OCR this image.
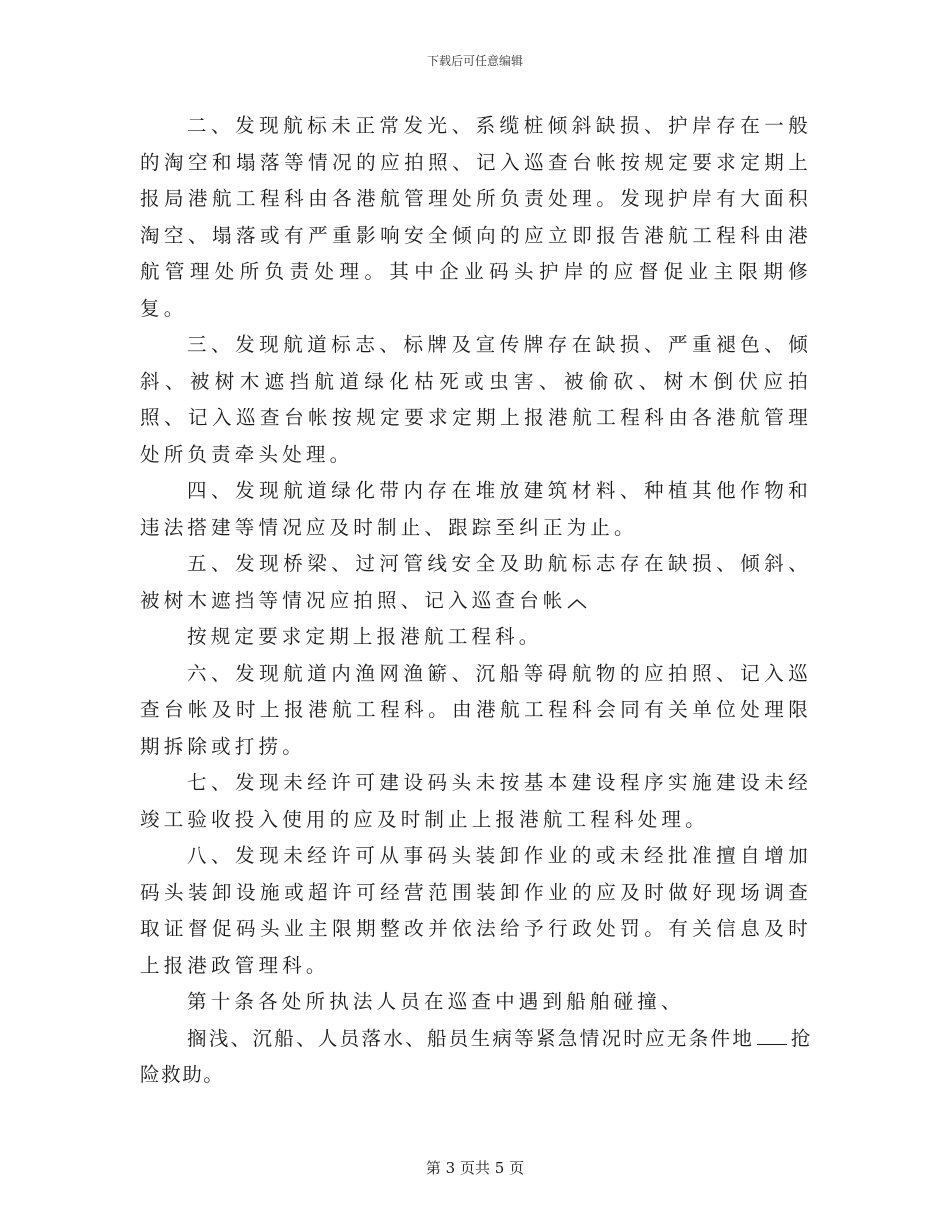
下载后可任意编辑

二、发现航标未正常发光、系缆桩倾斜缺损、护岸存在一般的淘空和塌落等情况的应拍照、记入巡查台帐按规定要求定期上报局港航工程科由各港航管理处所负责处理。发现护岸有大面积淘空、塌落或有严重影响安全倾向的应立即报告港航工程科由港航管理处所负责处理。其中企业码头护岸的应督促业主限期修复。

三、发现航道标志、标牌及宣传牌存在缺损、严重褪色、倾斜、被树木遮挡航道绿化枯死或虫害、被偷砍、树木倒伏应拍照、记入巡查台帐按规定要求定期上报港航工程科由各港航管理处所负责牵头处理。

四、发现航道绿化带内存在堆放建筑材料、种植其他作物和违法搭建等情况应及时制止、跟踪至纠正为止。

五、发现桥梁、过河管线安全及助航标志存在缺损、倾斜、被树木遮挡等情况应拍照、记入巡查台帐

按规定要求定期上报港航工程科。

六、发现航道内渔网渔簖、沉船等碍航物的应拍照、记入巡查台帐及时上报港航工程科。由港航工程科会同有关单位处理限期拆除或打捞。

七、发现未经许可建设码头未按基本建设程序实施建设未经竣工验收投入使用的应及时制止上报港航工程科处理。

八、发现未经许可从事码头装卸作业的或未经批准擅自增加码头装卸设施或超许可经营范围装卸作业的应及时做好现场调查取证督促码头业主限期整改并依法给予行政处罚。有关信息及时上报港政管理科。

第十条各处所执法人员在巡查中遇到船舶碰撞、

搁浅、沉船、人员落水、船员生病等紧急情况时应无条件地 抢险救助。

第 3 页共 5 页
